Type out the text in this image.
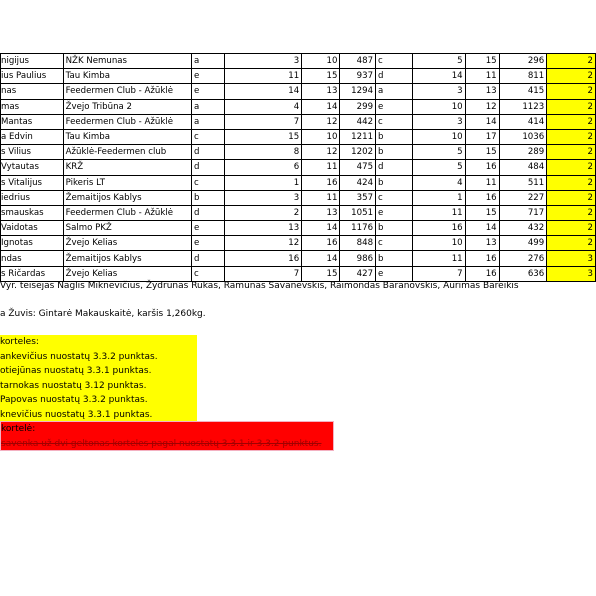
nigijus	NŽK Nemunas	a	3	10	487	c	5	15	296	2
ius Paulius	Tau Kimba	e	11	15	937	d	14	11	811	2
nas	Feedermen Club - Ažūklė	e	14	13	1294	a	3	13	415	2
mas	Žvejo Tribūna 2	a	4	14	299	e	10	12	1123	2
Mantas	Feedermen Club - Ažūklė	a	7	12	442	c	3	14	414	2
a Edvin	Tau Kimba	c	15	10	1211	b	10	17	1036	2
s Vilius	Ažūklė-Feedermen club	d	8	12	1202	b	5	15	289	2
Vytautas	KRŽ	d	6	11	475	d	5	16	484	2
s Vitalijus	Pikeris LT	c	1	16	424	b	4	11	511	2
iedrius	Žemaitijos Kablys	b	3	11	357	c	1	16	227	2
smauskas	Feedermen Club - Ažūklė	d	2	13	1051	e	11	15	717	2
Vaidotas	Salmo PKŽ	e	13	14	1176	b	16	14	432	2
Ignotas	Žvejo Kelias	e	12	16	848	c	10	13	499	2
ndas	Žemaitijos Kablys	d	16	14	986	b	11	16	276	3
s Ričardas	Žvejo Kelias	c	7	15	427	e	7	16	636	3
Vyr. teisėjas Naglis Miknevičius, Žydrūnas Rukas, Ramūnas Savanevskis, Raimondas Baranovskis, Aurimas Bareikis
a Žuvis: Gintarė Makauskaitė, karšis 1,260kg.
korteles:
ankevičius nuostatų 3.3.2 punktas.
otiejūnas nuostatų 3.3.1 punktas.
tarnokas nuostatų 3.12 punktas.
Papovas nuostatų 3.3.2 punktas.
knevičius nuostatų 3.3.1 punktas.
kortelė:
savenka už dvi geltonas korteles pagal nuostatų 3.3.1 ir 3.3.2 punktus.
